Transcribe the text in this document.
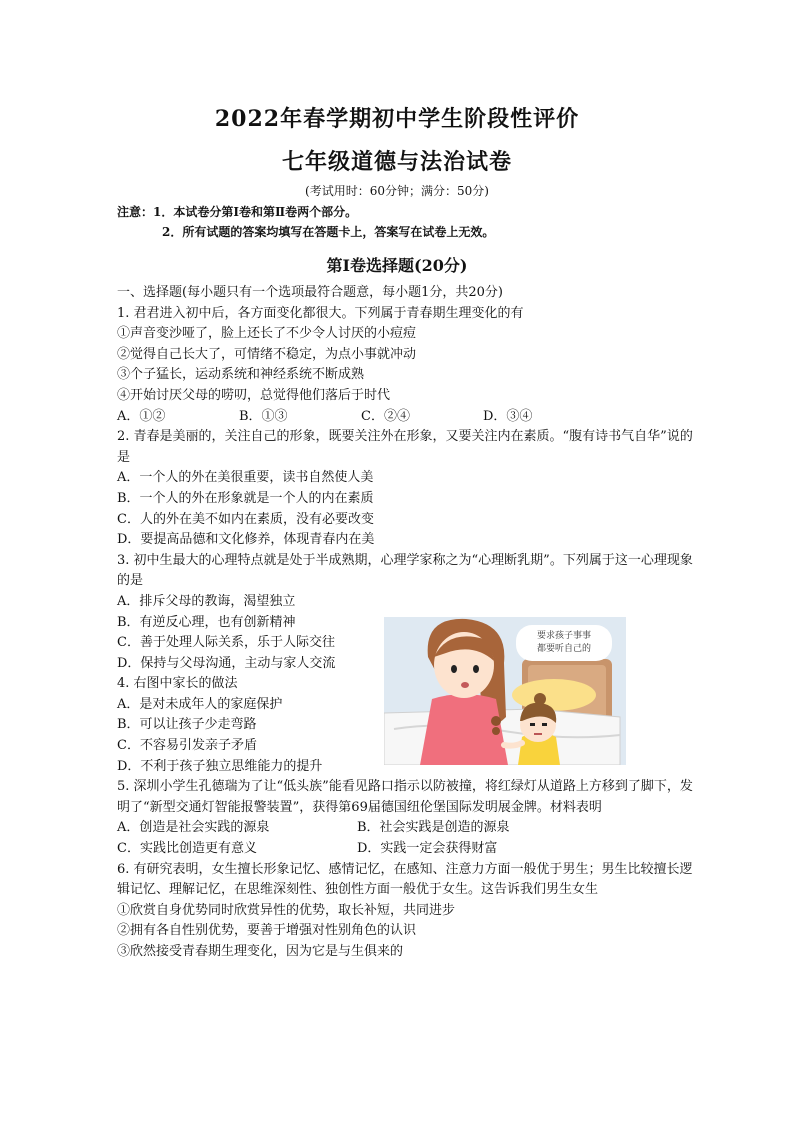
2022年春学期初中学生阶段性评价
七年级道德与法治试卷
(考试用时：60分钟；满分：50分)
注意：1．本试卷分第Ⅰ卷和第Ⅱ卷两个部分。
2．所有试题的答案均填写在答题卡上，答案写在试卷上无效。
第Ⅰ卷选择题(20分)
一、选择题(每小题只有一个选项最符合题意，每小题1分，共20分)
1. 君君进入初中后，各方面变化都很大。下列属于青春期生理变化的有
①声音变沙哑了，脸上还长了不少令人讨厌的小痘痘
②觉得自己长大了，可情绪不稳定，为点小事就冲动
③个子猛长，运动系统和神经系统不断成熟
④开始讨厌父母的唠叨，总觉得他们落后于时代
A．①②	B．①③	C．②④	D．③④
2. 青春是美丽的，关注自己的形象，既要关注外在形象，又要关注内在素质。“腹有诗书气自华”说的是
A．一个人的外在美很重要，读书自然使人美
B．一个人的外在形象就是一个人的内在素质
C．人的外在美不如内在素质，没有必要改变
D．要提高品德和文化修养，体现青春内在美
3. 初中生最大的心理特点就是处于半成熟期，心理学家称之为“心理断乳期”。下列属于这一心理现象的是
A．排斥父母的教诲，渴望独立
B．有逆反心理，也有创新精神
C．善于处理人际关系，乐于人际交往
D．保持与父母沟通，主动与家人交流
4. 右图中家长的做法
A．是对未成年人的家庭保护
B．可以让孩子少走弯路
C．不容易引发亲子矛盾
D．不利于孩子独立思维能力的提升
5. 深圳小学生孔德瑞为了让“低头族”能看见路口指示以防被撞，将红绿灯从道路上方移到了脚下，发明了“新型交通灯智能报警装置”，获得第69届德国纽伦堡国际发明展金牌。材料表明
A．创造是社会实践的源泉	B．社会实践是创造的源泉
C．实践比创造更有意义	D．实践一定会获得财富
6. 有研究表明，女生擅长形象记忆、感情记忆，在感知、注意力方面一般优于男生；男生比较擅长逻辑记忆、理解记忆，在思维深刻性、独创性方面一般优于女生。这告诉我们男生女生
①欣赏自身优势同时欣赏异性的优势，取长补短，共同进步
②拥有各自性别优势，要善于增强对性别角色的认识
③欣然接受青春期生理变化，因为它是与生俱来的
要求孩子事事
都要听自己的
